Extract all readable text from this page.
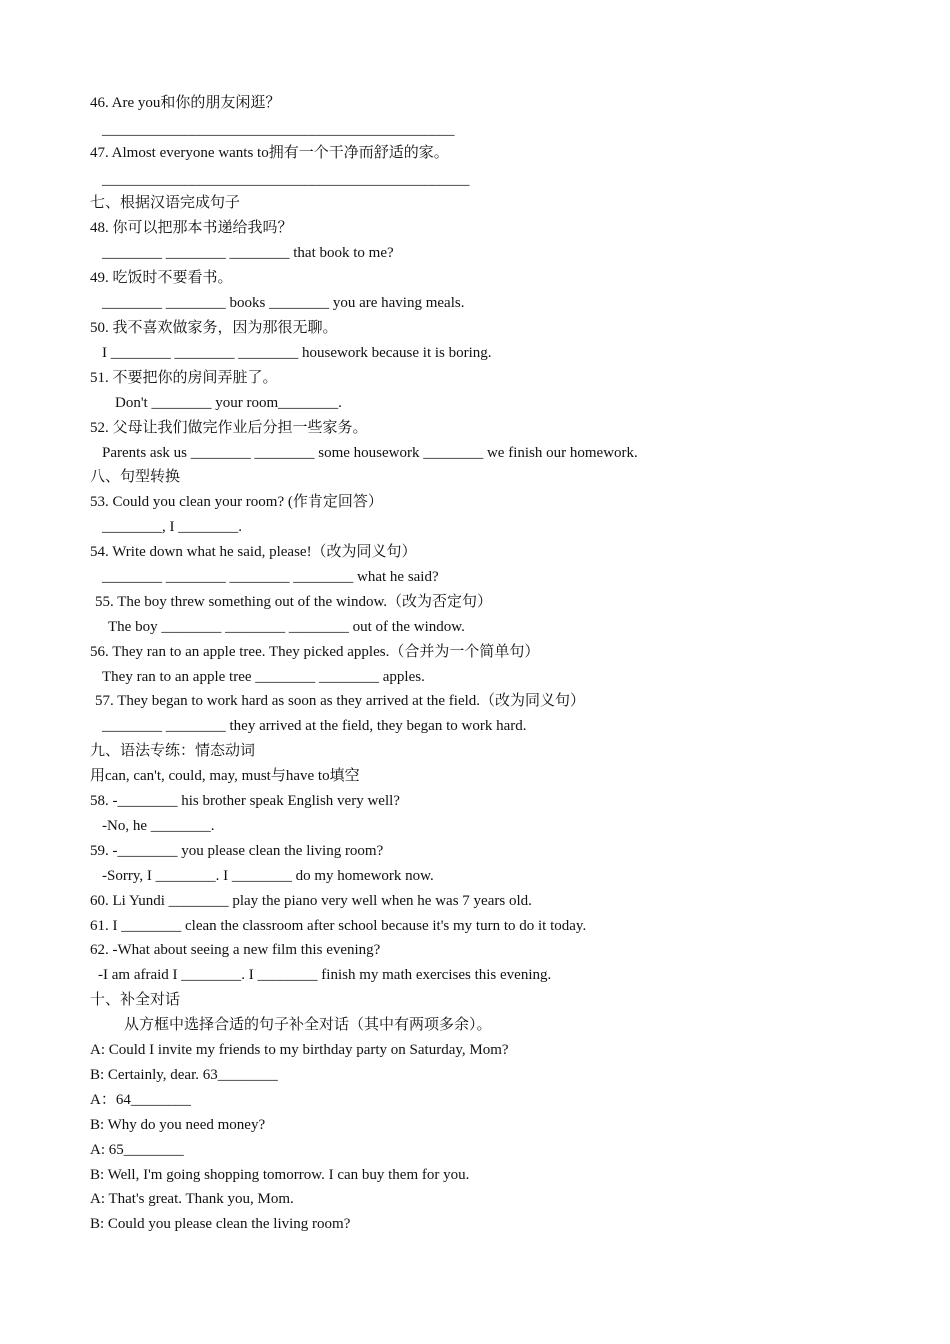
46. Are you和你的朋友闲逛？
_______________________________________________
47. Almost everyone wants to拥有一个干净而舒适的家。
_________________________________________________
七、根据汉语完成句子
48. 你可以把那本书递给我吗？
________ ________ ________ that book to me?
49. 吃饭时不要看书。
________ ________ books ________ you are having meals.
50. 我不喜欢做家务，因为那很无聊。
I ________ ________ ________ housework because it is boring.
51. 不要把你的房间弄脏了。
Don't ________ your room________.
52. 父母让我们做完作业后分担一些家务。
Parents ask us ________ ________ some housework ________ we finish our homework.
八、句型转换
53. Could you clean your room? (作肯定回答）
________, I ________.
54. Write down what he said, please!（改为同义句）
________ ________ ________ ________ what he said?
55. The boy threw something out of the window.（改为否定句）
The boy ________ ________ ________ out of the window.
56. They ran to an apple tree. They picked apples.（合并为一个简单句）
They ran to an apple tree ________ ________ apples.
57. They began to work hard as soon as they arrived at the field.（改为同义句）
________ ________ they arrived at the field, they began to work hard.
九、语法专练：情态动词
用can, can't, could, may, must与have to填空
58. -________ his brother speak English very well?
-No, he ________.
59. -________ you please clean the living room?
-Sorry, I ________. I ________ do my homework now.
60. Li Yundi ________ play the piano very well when he was 7 years old.
61. I ________ clean the classroom after school because it's my turn to do it today.
62. -What about seeing a new film this evening?
-I am afraid I ________. I ________ finish my math exercises this evening.
十、补全对话
从方框中选择合适的句子补全对话（其中有两项多余）。
A: Could I invite my friends to my birthday party on Saturday, Mom?
B: Certainly, dear. 63________
A：64________
B: Why do you need money?
A: 65________
B: Well, I'm going shopping tomorrow. I can buy them for you.
A: That's great. Thank you, Mom.
B: Could you please clean the living room?
